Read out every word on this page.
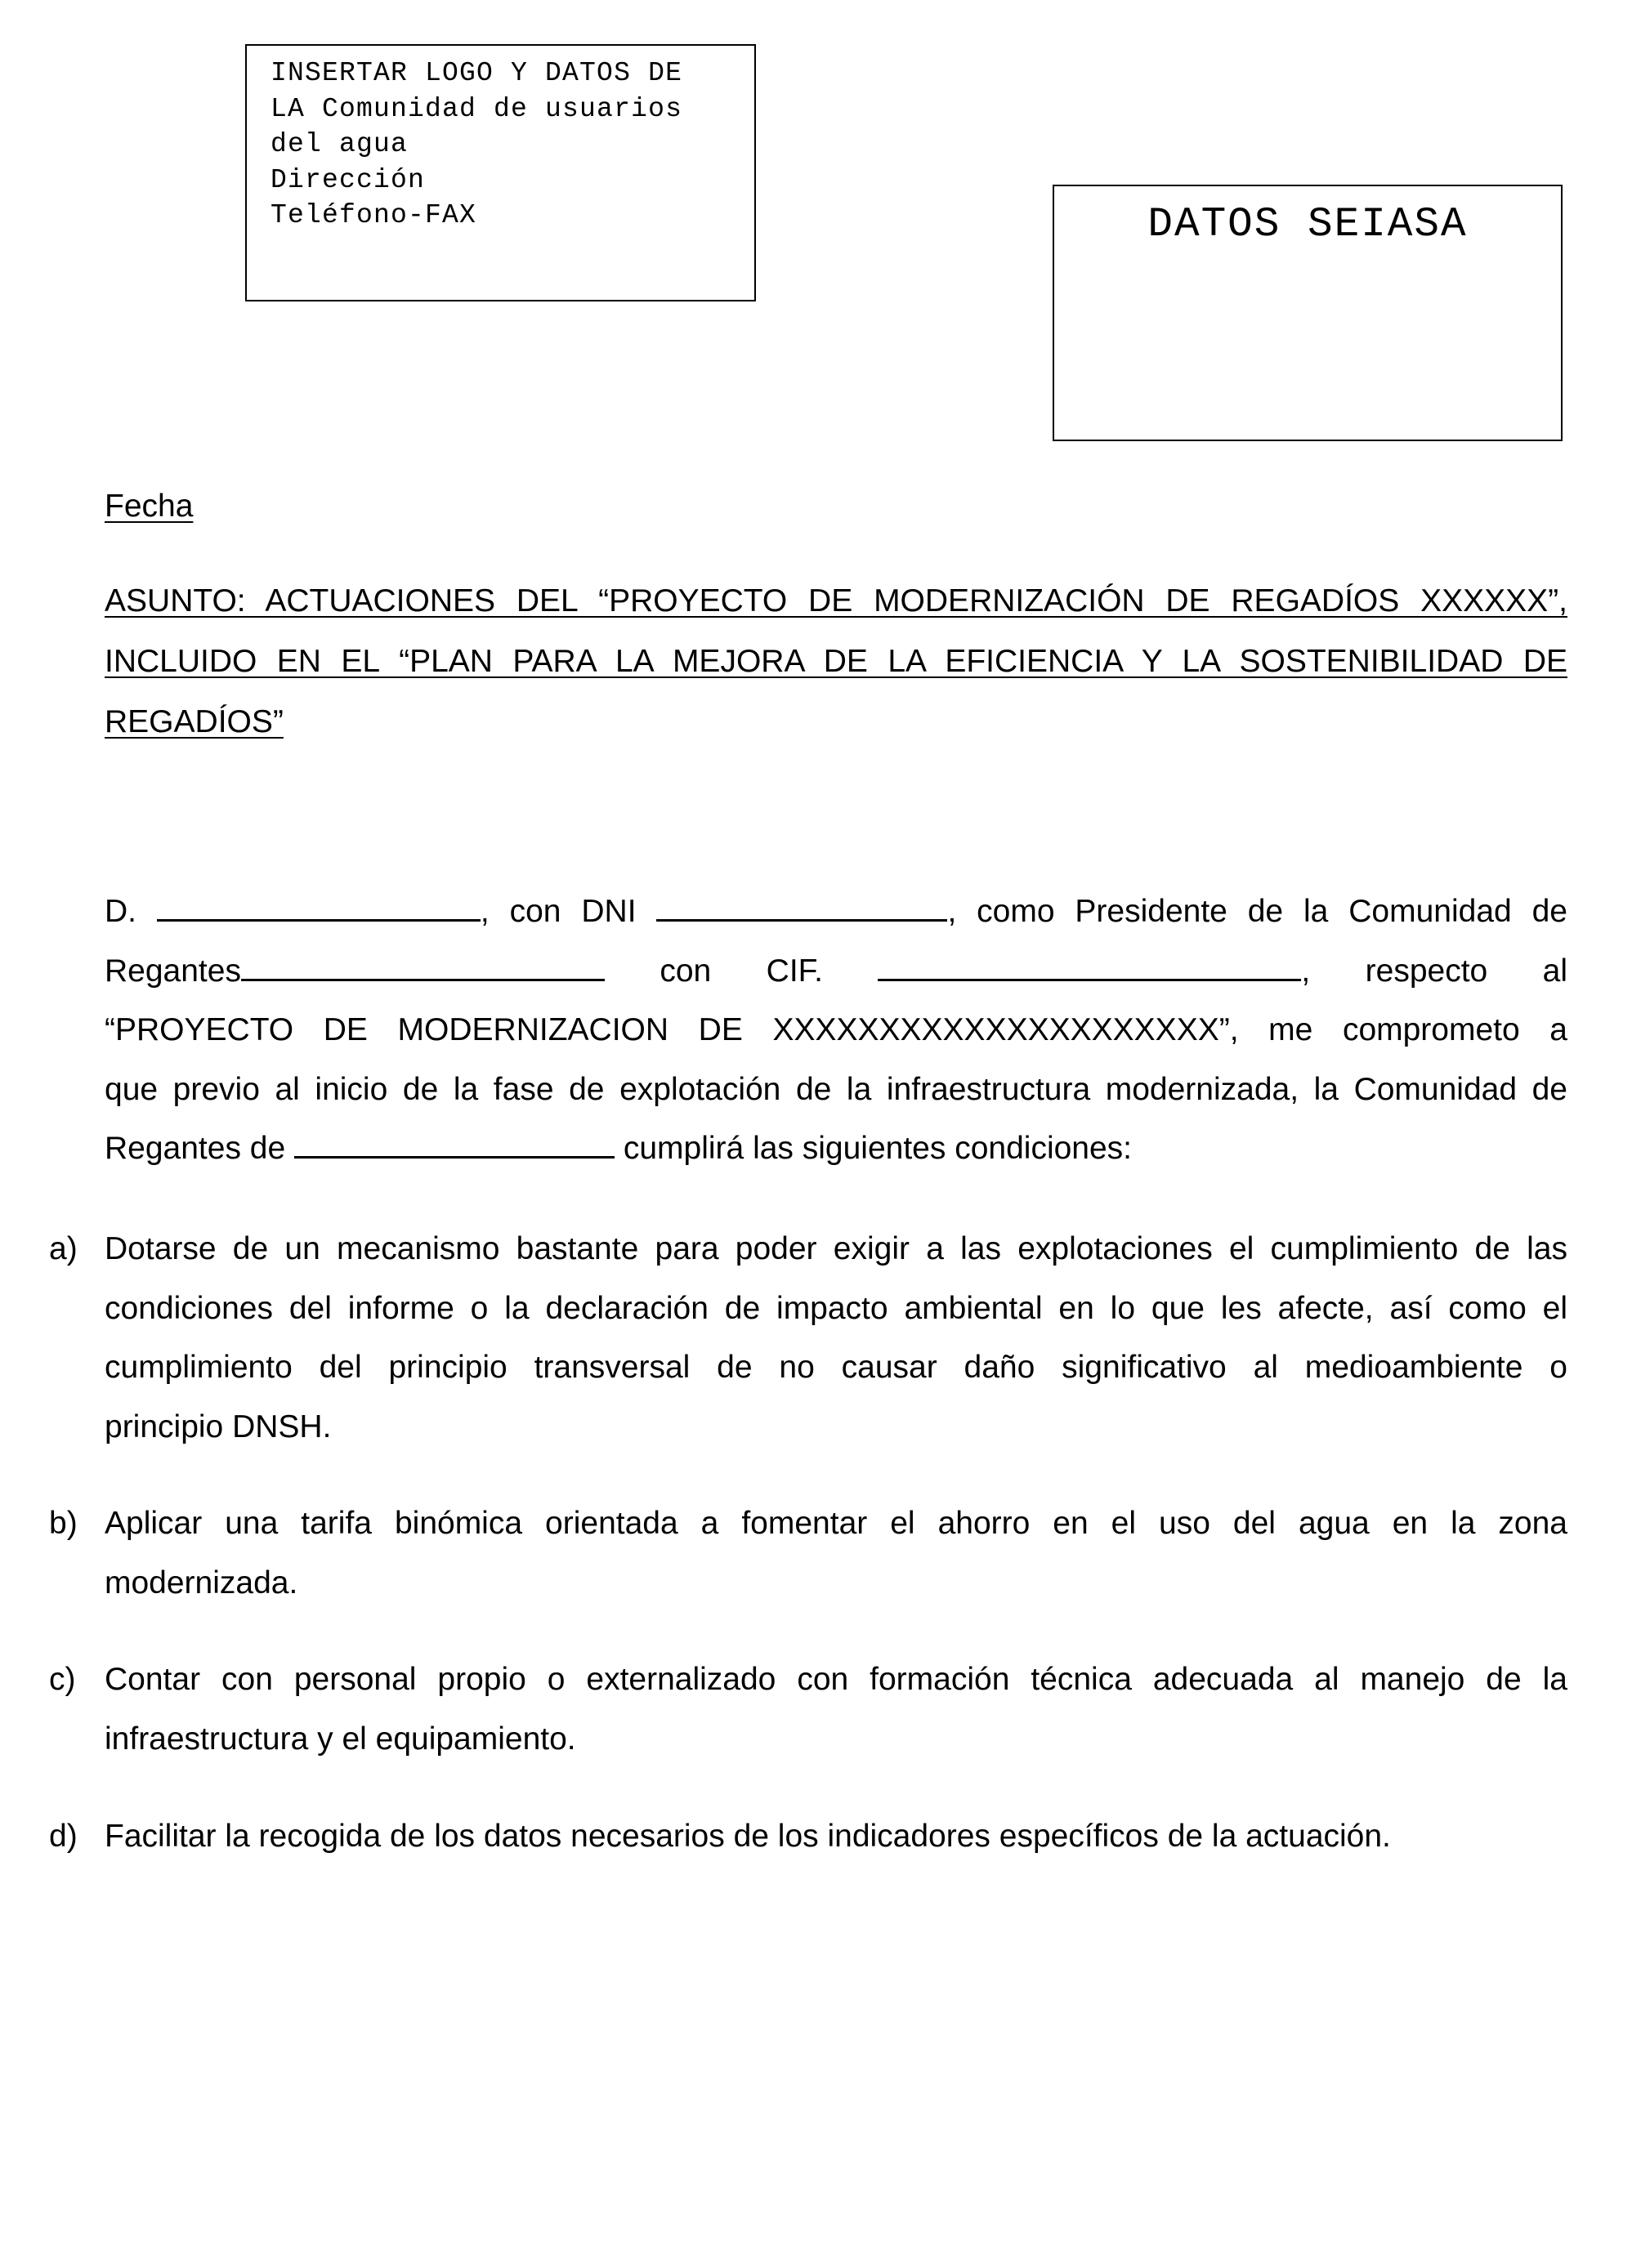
INSERTAR LOGO Y DATOS DE
LA Comunidad de usuarios
del agua
Dirección
Teléfono-FAX	DATOS SEIASA
Fecha
ASUNTO: ACTUACIONES DEL “PROYECTO DE MODERNIZACIÓN DE REGADÍOS XXXXXX”,
INCLUIDO EN EL “PLAN PARA LA MEJORA DE LA EFICIENCIA Y LA SOSTENIBILIDAD DE
REGADÍOS”
D.	, con DNI	, como Presidente de la Comunidad de
Regantes	con CIF.	, respecto al
“PROYECTO DE MODERNIZACION DE XXXXXXXXXXXXXXXXXXXXX”, me comprometo a
que previo al inicio de la fase de explotación de la infraestructura modernizada, la Comunidad de
Regantes de	cumplirá las siguientes condiciones:
a) Dotarse de un mecanismo bastante para poder exigir a las explotaciones el cumplimiento de las
condiciones del informe o la declaración de impacto ambiental en lo que les afecte, así como el
cumplimiento del principio transversal de no causar daño significativo al medioambiente o
principio DNSH.
b) Aplicar una tarifa binómica orientada a fomentar el ahorro en el uso del agua en la zona
modernizada.
c) Contar con personal propio o externalizado con formación técnica adecuada al manejo de la
infraestructura y el equipamiento.
d) Facilitar la recogida de los datos necesarios de los indicadores específicos de la actuación.
